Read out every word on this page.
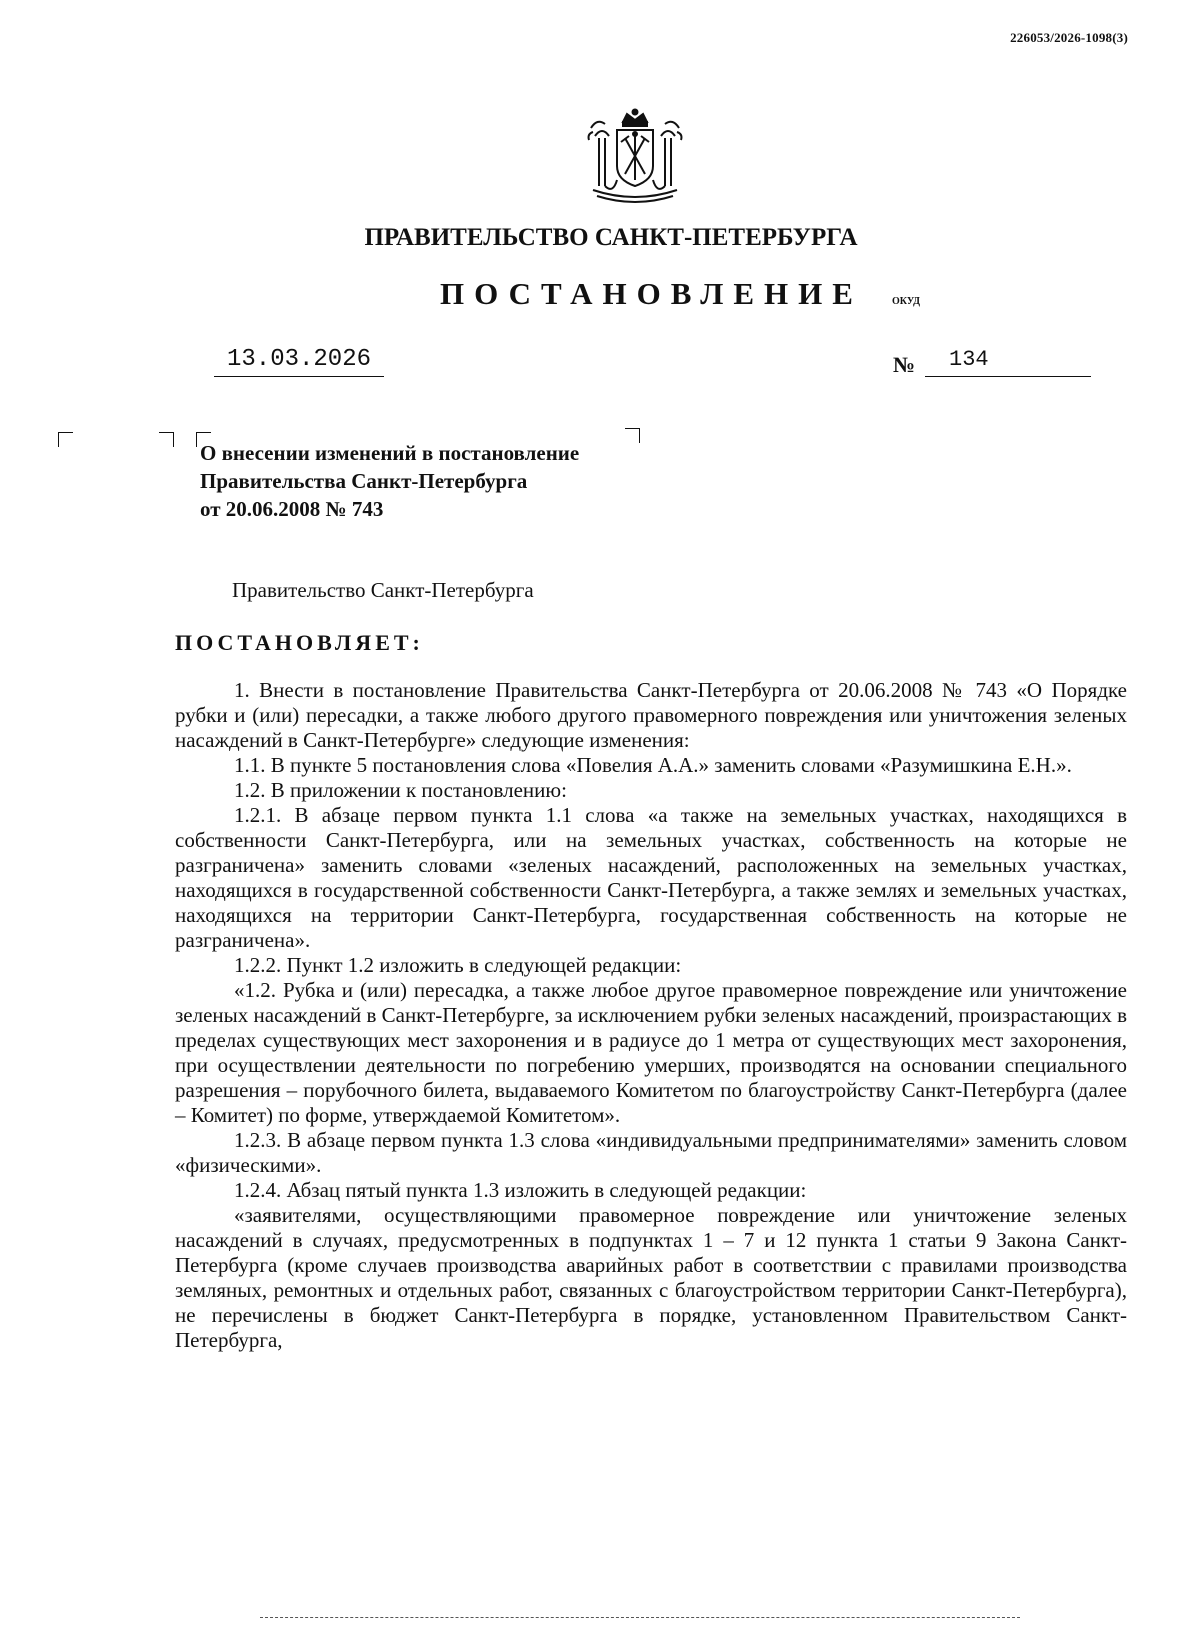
226053/2026-1098(3)
ПРАВИТЕЛЬСТВО САНКТ-ПЕТЕРБУРГА
ПОСТАНОВЛЕНИЕ	ОКУД
13.03.2026	№	134
О внесении изменений в постановление
Правительства Санкт-Петербурга
от 20.06.2008 № 743
Правительство Санкт-Петербурга
ПОСТАНОВЛЯЕТ:

1. Внести в постановление Правительства Санкт-Петербурга от 20.06.2008 № 743 «О Порядке рубки и (или) пересадки, а также любого другого правомерного повреждения или уничтожения зеленых насаждений в Санкт-Петербурге» следующие изменения:

1.1. В пункте 5 постановления слова «Повелия А.А.» заменить словами «Разумишкина Е.Н.».

1.2. В приложении к постановлению:

1.2.1. В абзаце первом пункта 1.1 слова «а также на земельных участках, находящихся в собственности Санкт-Петербурга, или на земельных участках, собственность на которые не разграничена» заменить словами «зеленых насаждений, расположенных на земельных участках, находящихся в государственной собственности Санкт-Петербурга, а также землях и земельных участках, находящихся на территории Санкт-Петербурга, государственная собственность на которые не разграничена».

1.2.2. Пункт 1.2 изложить в следующей редакции:

«1.2. Рубка и (или) пересадка, а также любое другое правомерное повреждение или уничтожение зеленых насаждений в Санкт-Петербурге, за исключением рубки зеленых насаждений, произрастающих в пределах существующих мест захоронения и в радиусе до 1 метра от существующих мест захоронения, при осуществлении деятельности по погребению умерших, производятся на основании специального разрешения – порубочного билета, выдаваемого Комитетом по благоустройству Санкт-Петербурга (далее – Комитет) по форме, утверждаемой Комитетом».

1.2.3. В абзаце первом пункта 1.3 слова «индивидуальными предпринимателями» заменить словом «физическими».

1.2.4. Абзац пятый пункта 1.3 изложить в следующей редакции:

«заявителями, осуществляющими правомерное повреждение или уничтожение зеленых насаждений в случаях, предусмотренных в подпунктах 1 – 7 и 12 пункта 1 статьи 9 Закона Санкт-Петербурга (кроме случаев производства аварийных работ в соответствии с правилами производства земляных, ремонтных и отдельных работ, связанных с благоустройством территории Санкт-Петербурга), не перечислены в бюджет Санкт-Петербурга в порядке, установленном Правительством Санкт-Петербурга,
